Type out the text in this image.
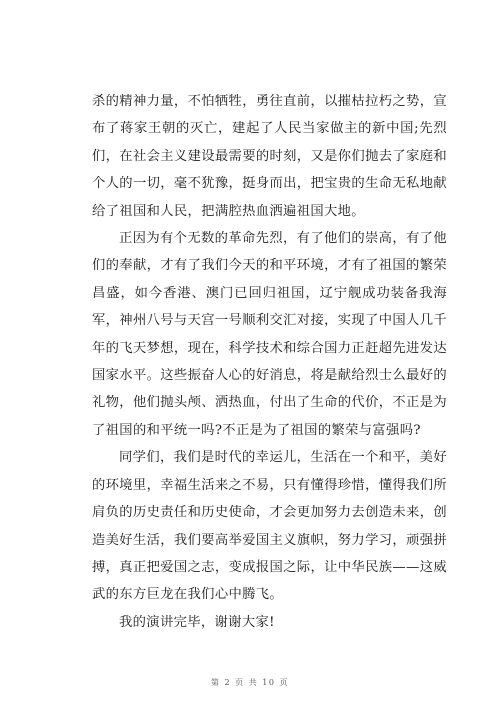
杀的精神力量，不怕牺牲，勇往直前，以摧枯拉朽之势，宣布了蒋家王朝的灭亡，建起了人民当家做主的新中国;先烈们，在社会主义建设最需要的时刻，又是你们抛去了家庭和个人的一切，毫不犹豫，挺身而出，把宝贵的生命无私地献给了祖国和人民，把满腔热血洒遍祖国大地。

正因为有个无数的革命先烈，有了他们的崇高，有了他们的奉献，才有了我们今天的和平环境，才有了祖国的繁荣昌盛，如今香港、澳门已回归祖国，辽宁舰成功装备我海军，神州八号与天宫一号顺利交汇对接，实现了中国人几千年的飞天梦想，现在，科学技术和综合国力正赶超先进发达国家水平。这些振奋人心的好消息，将是献给烈士么最好的礼物，他们抛头颅、洒热血，付出了生命的代价，不正是为了祖国的和平统一吗?不正是为了祖国的繁荣与富强吗?

同学们，我们是时代的幸运儿，生活在一个和平，美好的环境里，幸福生活来之不易，只有懂得珍惜，懂得我们所肩负的历史责任和历史使命，才会更加努力去创造未来，创造美好生活，我们要高举爱国主义旗帜，努力学习，顽强拼搏，真正把爱国之志，变成报国之际，让中华民族——这威武的东方巨龙在我们心中腾飞。

我的演讲完毕，谢谢大家!

第 2 页 共 10 页
